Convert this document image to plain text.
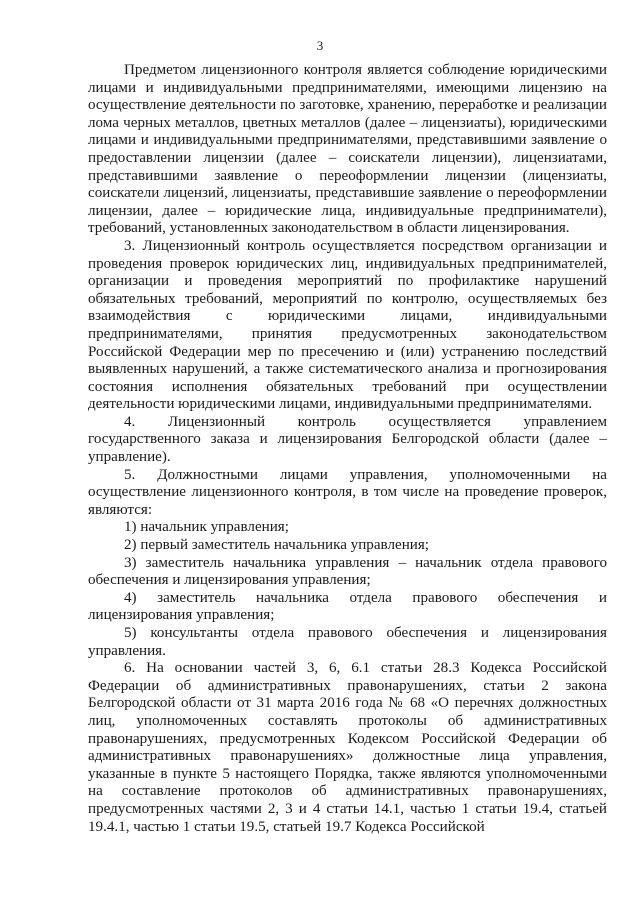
3

Предметом лицензионного контроля является соблюдение юридическими лицами и индивидуальными предпринимателями, имеющими лицензию на осуществление деятельности по заготовке, хранению, переработке и реализации лома черных металлов, цветных металлов (далее – лицензиаты), юридическими лицами и индивидуальными предпринимателями, представившими заявление о предоставлении лицензии (далее – соискатели лицензии), лицензиатами, представившими заявление о переоформлении лицензии (лицензиаты, соискатели лицензий, лицензиаты, представившие заявление о переоформлении лицензии, далее – юридические лица, индивидуальные предприниматели), требований, установленных законодательством в области лицензирования.

3. Лицензионный контроль осуществляется посредством организации и проведения проверок юридических лиц, индивидуальных предпринимателей, организации и проведения мероприятий по профилактике нарушений обязательных требований, мероприятий по контролю, осуществляемых без взаимодействия с юридическими лицами, индивидуальными предпринимателями, принятия предусмотренных законодательством Российской Федерации мер по пресечению и (или) устранению последствий выявленных нарушений, а также систематического анализа и прогнозирования состояния исполнения обязательных требований при осуществлении деятельности юридическими лицами, индивидуальными предпринимателями.

4. Лицензионный контроль осуществляется управлением государственного заказа и лицензирования Белгородской области (далее – управление).

5. Должностными лицами управления, уполномоченными на осуществление лицензионного контроля, в том числе на проведение проверок, являются:

1) начальник управления;

2) первый заместитель начальника управления;

3) заместитель начальника управления – начальник отдела правового обеспечения и лицензирования управления;

4) заместитель начальника отдела правового обеспечения и лицензирования управления;

5) консультанты отдела правового обеспечения и лицензирования управления.

6. На основании частей 3, 6, 6.1 статьи 28.3 Кодекса Российской Федерации об административных правонарушениях, статьи 2 закона Белгородской области от 31 марта 2016 года № 68 «О перечнях должностных лиц, уполномоченных составлять протоколы об административных правонарушениях, предусмотренных Кодексом Российской Федерации об административных правонарушениях» должностные лица управления, указанные в пункте 5 настоящего Порядка, также являются уполномоченными на составление протоколов об административных правонарушениях, предусмотренных частями 2, 3 и 4 статьи 14.1, частью 1 статьи 19.4, статьей 19.4.1, частью 1 статьи 19.5, статьей 19.7 Кодекса Российской
